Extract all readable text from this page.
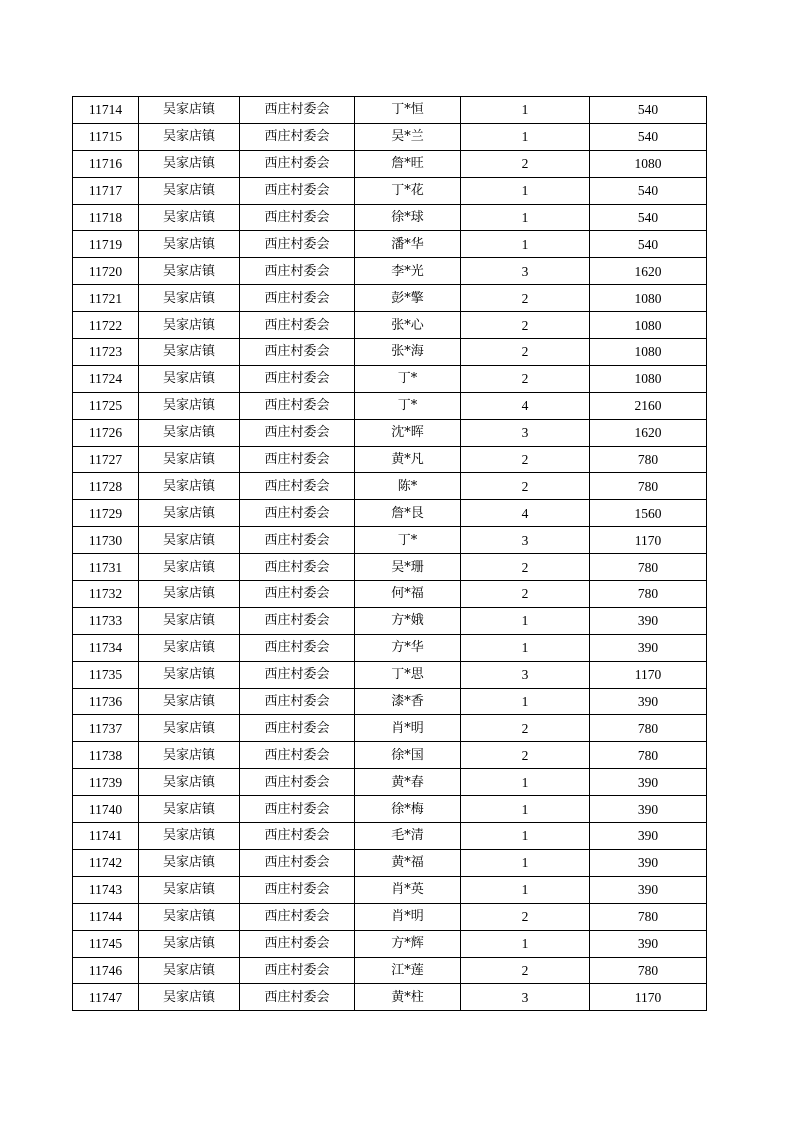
11714	吴家店镇	西庄村委会	丁*恒	1	540
11715	吴家店镇	西庄村委会	吴*兰	1	540
11716	吴家店镇	西庄村委会	詹*旺	2	1080
11717	吴家店镇	西庄村委会	丁*花	1	540
11718	吴家店镇	西庄村委会	徐*球	1	540
11719	吴家店镇	西庄村委会	潘*华	1	540
11720	吴家店镇	西庄村委会	李*光	3	1620
11721	吴家店镇	西庄村委会	彭*擎	2	1080
11722	吴家店镇	西庄村委会	张*心	2	1080
11723	吴家店镇	西庄村委会	张*海	2	1080
11724	吴家店镇	西庄村委会	丁*	2	1080
11725	吴家店镇	西庄村委会	丁*	4	2160
11726	吴家店镇	西庄村委会	沈*晖	3	1620
11727	吴家店镇	西庄村委会	黄*凡	2	780
11728	吴家店镇	西庄村委会	陈*	2	780
11729	吴家店镇	西庄村委会	詹*艮	4	1560
11730	吴家店镇	西庄村委会	丁*	3	1170
11731	吴家店镇	西庄村委会	吴*珊	2	780
11732	吴家店镇	西庄村委会	何*福	2	780
11733	吴家店镇	西庄村委会	方*娥	1	390
11734	吴家店镇	西庄村委会	方*华	1	390
11735	吴家店镇	西庄村委会	丁*思	3	1170
11736	吴家店镇	西庄村委会	漆*香	1	390
11737	吴家店镇	西庄村委会	肖*明	2	780
11738	吴家店镇	西庄村委会	徐*国	2	780
11739	吴家店镇	西庄村委会	黄*春	1	390
11740	吴家店镇	西庄村委会	徐*梅	1	390
11741	吴家店镇	西庄村委会	毛*清	1	390
11742	吴家店镇	西庄村委会	黄*福	1	390
11743	吴家店镇	西庄村委会	肖*英	1	390
11744	吴家店镇	西庄村委会	肖*明	2	780
11745	吴家店镇	西庄村委会	方*辉	1	390
11746	吴家店镇	西庄村委会	江*莲	2	780
11747	吴家店镇	西庄村委会	黄*柱	3	1170
